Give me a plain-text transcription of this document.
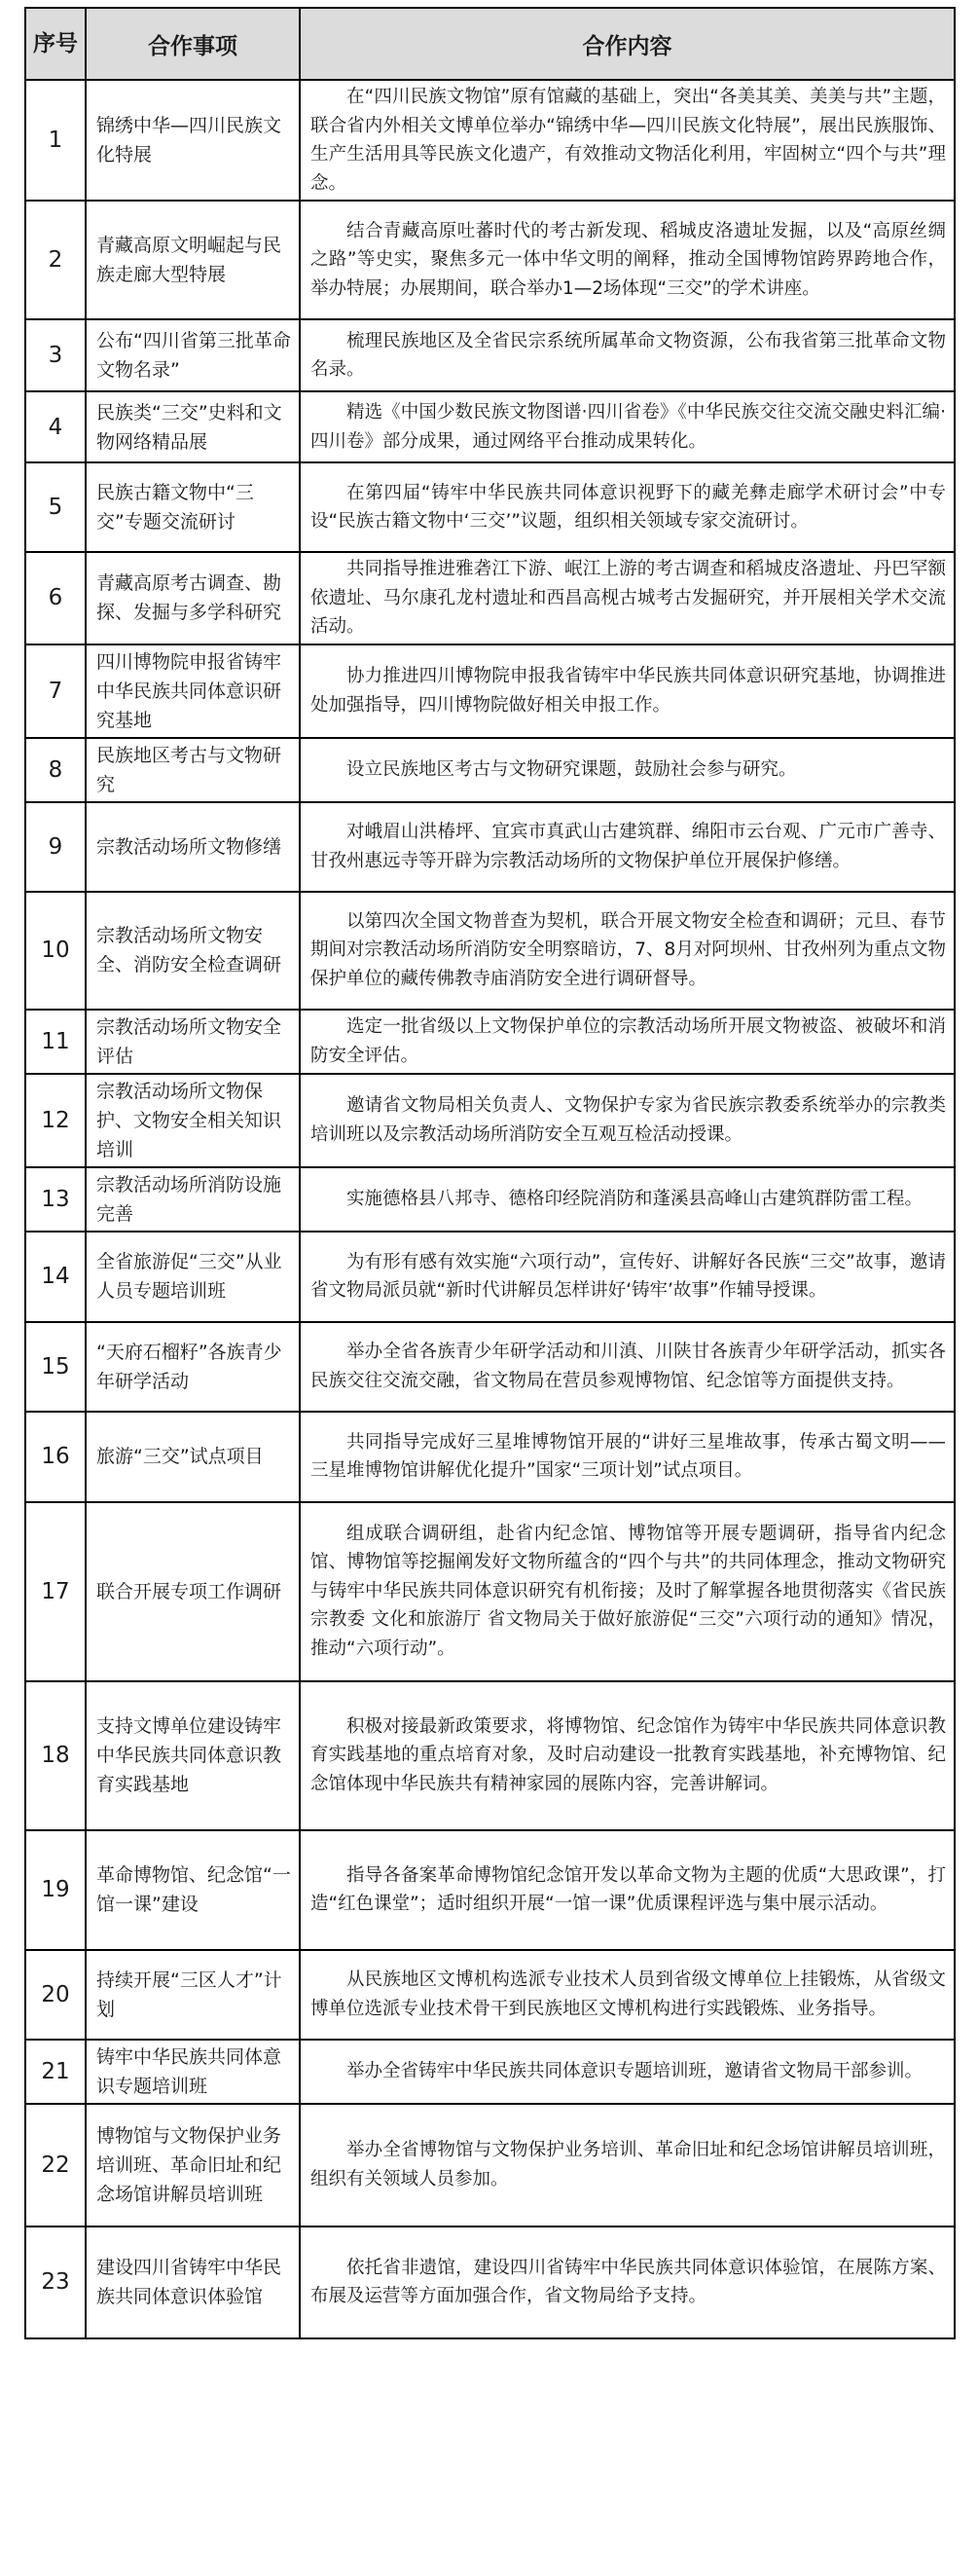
序号	合作事项	合作内容
1	锦绣中华—四川民族文化特展	在“四川民族文物馆”原有馆藏的基础上，突出“各美其美、美美与共”主题，联合省内外相关文博单位举办“锦绣中华—四川民族文化特展”，展出民族服饰、生产生活用具等民族文化遗产，有效推动文物活化利用，牢固树立“四个与共”理念。
2	青藏高原文明崛起与民族走廊大型特展	结合青藏高原吐蕃时代的考古新发现、稻城皮洛遗址发掘，以及“高原丝绸之路”等史实，聚焦多元一体中华文明的阐释，推动全国博物馆跨界跨地合作，举办特展；办展期间，联合举办1—2场体现“三交”的学术讲座。
3	公布“四川省第三批革命文物名录”	梳理民族地区及全省民宗系统所属革命文物资源，公布我省第三批革命文物名录。
4	民族类“三交”史料和文物网络精品展	精选《中国少数民族文物图谱·四川省卷》《中华民族交往交流交融史料汇编·四川卷》部分成果，通过网络平台推动成果转化。
5	民族古籍文物中“三交”专题交流研讨	在第四届“铸牢中华民族共同体意识视野下的藏羌彝走廊学术研讨会”中专设“民族古籍文物中‘三交’”议题，组织相关领域专家交流研讨。
6	青藏高原考古调查、勘探、发掘与多学科研究	共同指导推进雅砻江下游、岷江上游的考古调查和稻城皮洛遗址、丹巴罕额依遗址、马尔康孔龙村遗址和西昌高枧古城考古发掘研究，并开展相关学术交流活动。
7	四川博物院申报省铸牢中华民族共同体意识研究基地	协力推进四川博物院申报我省铸牢中华民族共同体意识研究基地，协调推进处加强指导，四川博物院做好相关申报工作。
8	民族地区考古与文物研究	设立民族地区考古与文物研究课题，鼓励社会参与研究。
9	宗教活动场所文物修缮	对峨眉山洪椿坪、宜宾市真武山古建筑群、绵阳市云台观、广元市广善寺、甘孜州惠远寺等开辟为宗教活动场所的文物保护单位开展保护修缮。
10	宗教活动场所文物安全、消防安全检查调研	以第四次全国文物普查为契机，联合开展文物安全检查和调研；元旦、春节期间对宗教活动场所消防安全明察暗访，7、8月对阿坝州、甘孜州列为重点文物保护单位的藏传佛教寺庙消防安全进行调研督导。
11	宗教活动场所文物安全评估	选定一批省级以上文物保护单位的宗教活动场所开展文物被盗、被破坏和消防安全评估。
12	宗教活动场所文物保护、文物安全相关知识培训	邀请省文物局相关负责人、文物保护专家为省民族宗教委系统举办的宗教类培训班以及宗教活动场所消防安全互观互检活动授课。
13	宗教活动场所消防设施完善	实施德格县八邦寺、德格印经院消防和蓬溪县高峰山古建筑群防雷工程。
14	全省旅游促“三交”从业人员专题培训班	为有形有感有效实施“六项行动”，宣传好、讲解好各民族“三交”故事，邀请省文物局派员就“新时代讲解员怎样讲好‘铸牢’故事”作辅导授课。
15	“天府石榴籽”各族青少年研学活动	举办全省各族青少年研学活动和川滇、川陕甘各族青少年研学活动，抓实各民族交往交流交融，省文物局在营员参观博物馆、纪念馆等方面提供支持。
16	旅游“三交”试点项目	共同指导完成好三星堆博物馆开展的“讲好三星堆故事，传承古蜀文明——三星堆博物馆讲解优化提升”国家“三项计划”试点项目。
17	联合开展专项工作调研	组成联合调研组，赴省内纪念馆、博物馆等开展专题调研，指导省内纪念馆、博物馆等挖掘阐发好文物所蕴含的“四个与共”的共同体理念，推动文物研究与铸牢中华民族共同体意识研究有机衔接；及时了解掌握各地贯彻落实《省民族宗教委 文化和旅游厅 省文物局关于做好旅游促“三交”六项行动的通知》情况，推动“六项行动”。
18	支持文博单位建设铸牢中华民族共同体意识教育实践基地	积极对接最新政策要求，将博物馆、纪念馆作为铸牢中华民族共同体意识教育实践基地的重点培育对象，及时启动建设一批教育实践基地，补充博物馆、纪念馆体现中华民族共有精神家园的展陈内容，完善讲解词。
19	革命博物馆、纪念馆“一馆一课”建设	指导各备案革命博物馆纪念馆开发以革命文物为主题的优质“大思政课”，打造“红色课堂”；适时组织开展“一馆一课”优质课程评选与集中展示活动。
20	持续开展“三区人才”计划	从民族地区文博机构选派专业技术人员到省级文博单位上挂锻炼，从省级文博单位选派专业技术骨干到民族地区文博机构进行实践锻炼、业务指导。
21	铸牢中华民族共同体意识专题培训班	举办全省铸牢中华民族共同体意识专题培训班，邀请省文物局干部参训。
22	博物馆与文物保护业务培训班、革命旧址和纪念场馆讲解员培训班	举办全省博物馆与文物保护业务培训、革命旧址和纪念场馆讲解员培训班，组织有关领域人员参加。
23	建设四川省铸牢中华民族共同体意识体验馆	依托省非遗馆，建设四川省铸牢中华民族共同体意识体验馆，在展陈方案、布展及运营等方面加强合作，省文物局给予支持。
